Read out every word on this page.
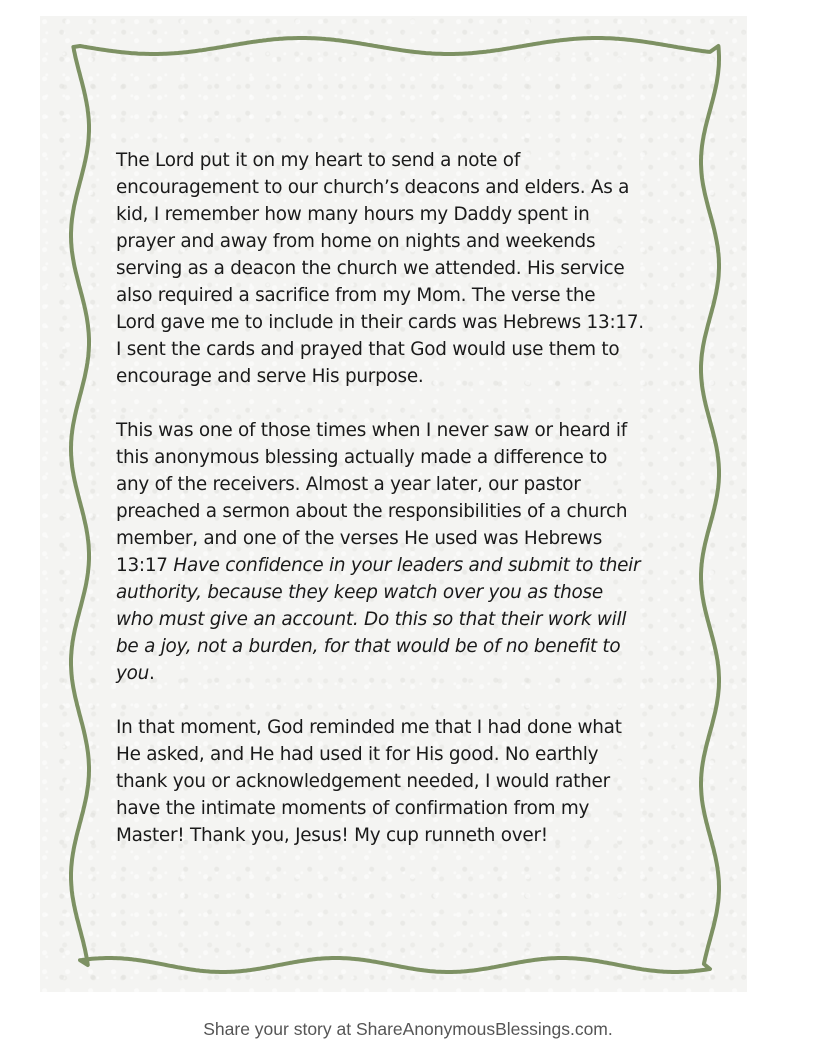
The Lord put it on my heart to send a note of
encouragement to our church’s deacons and elders. As a
kid, I remember how many hours my Daddy spent in
prayer and away from home on nights and weekends
serving as a deacon the church we attended. His service
also required a sacrifice from my Mom. The verse the
Lord gave me to include in their cards was Hebrews 13:17.
I sent the cards and prayed that God would use them to
encourage and serve His purpose.

This was one of those times when I never saw or heard if
this anonymous blessing actually made a difference to
any of the receivers. Almost a year later, our pastor
preached a sermon about the responsibilities of a church
member, and one of the verses He used was Hebrews
13:17 Have confidence in your leaders and submit to their
authority, because they keep watch over you as those
who must give an account. Do this so that their work will
be a joy, not a burden, for that would be of no benefit to
you.

In that moment, God reminded me that I had done what
He asked, and He had used it for His good. No earthly
thank you or acknowledgement needed, I would rather
have the intimate moments of confirmation from my
Master! Thank you, Jesus! My cup runneth over!

Share your story at ShareAnonymousBlessings.com.
